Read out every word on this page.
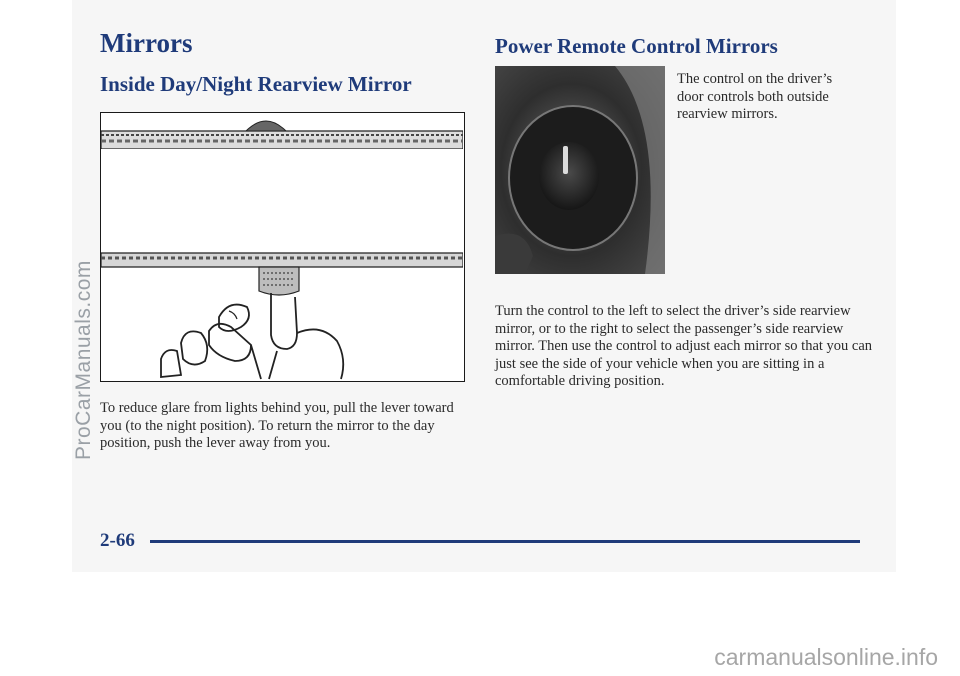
Mirrors
Inside Day/Night Rearview Mirror
Power Remote Control Mirrors

The control on the driver’s door controls both outside rearview mirrors.

Turn the control to the left to select the driver’s side rearview mirror, or to the right to select the passenger’s side rearview mirror. Then use the control to adjust each mirror so that you can just see the side of your vehicle when you are sitting in a comfortable driving position.

To reduce glare from lights behind you, pull the lever toward you (to the night position). To return the mirror to the day position, push the lever away from you.

2-66

ProCarManuals.com
carmanualsonline.info
